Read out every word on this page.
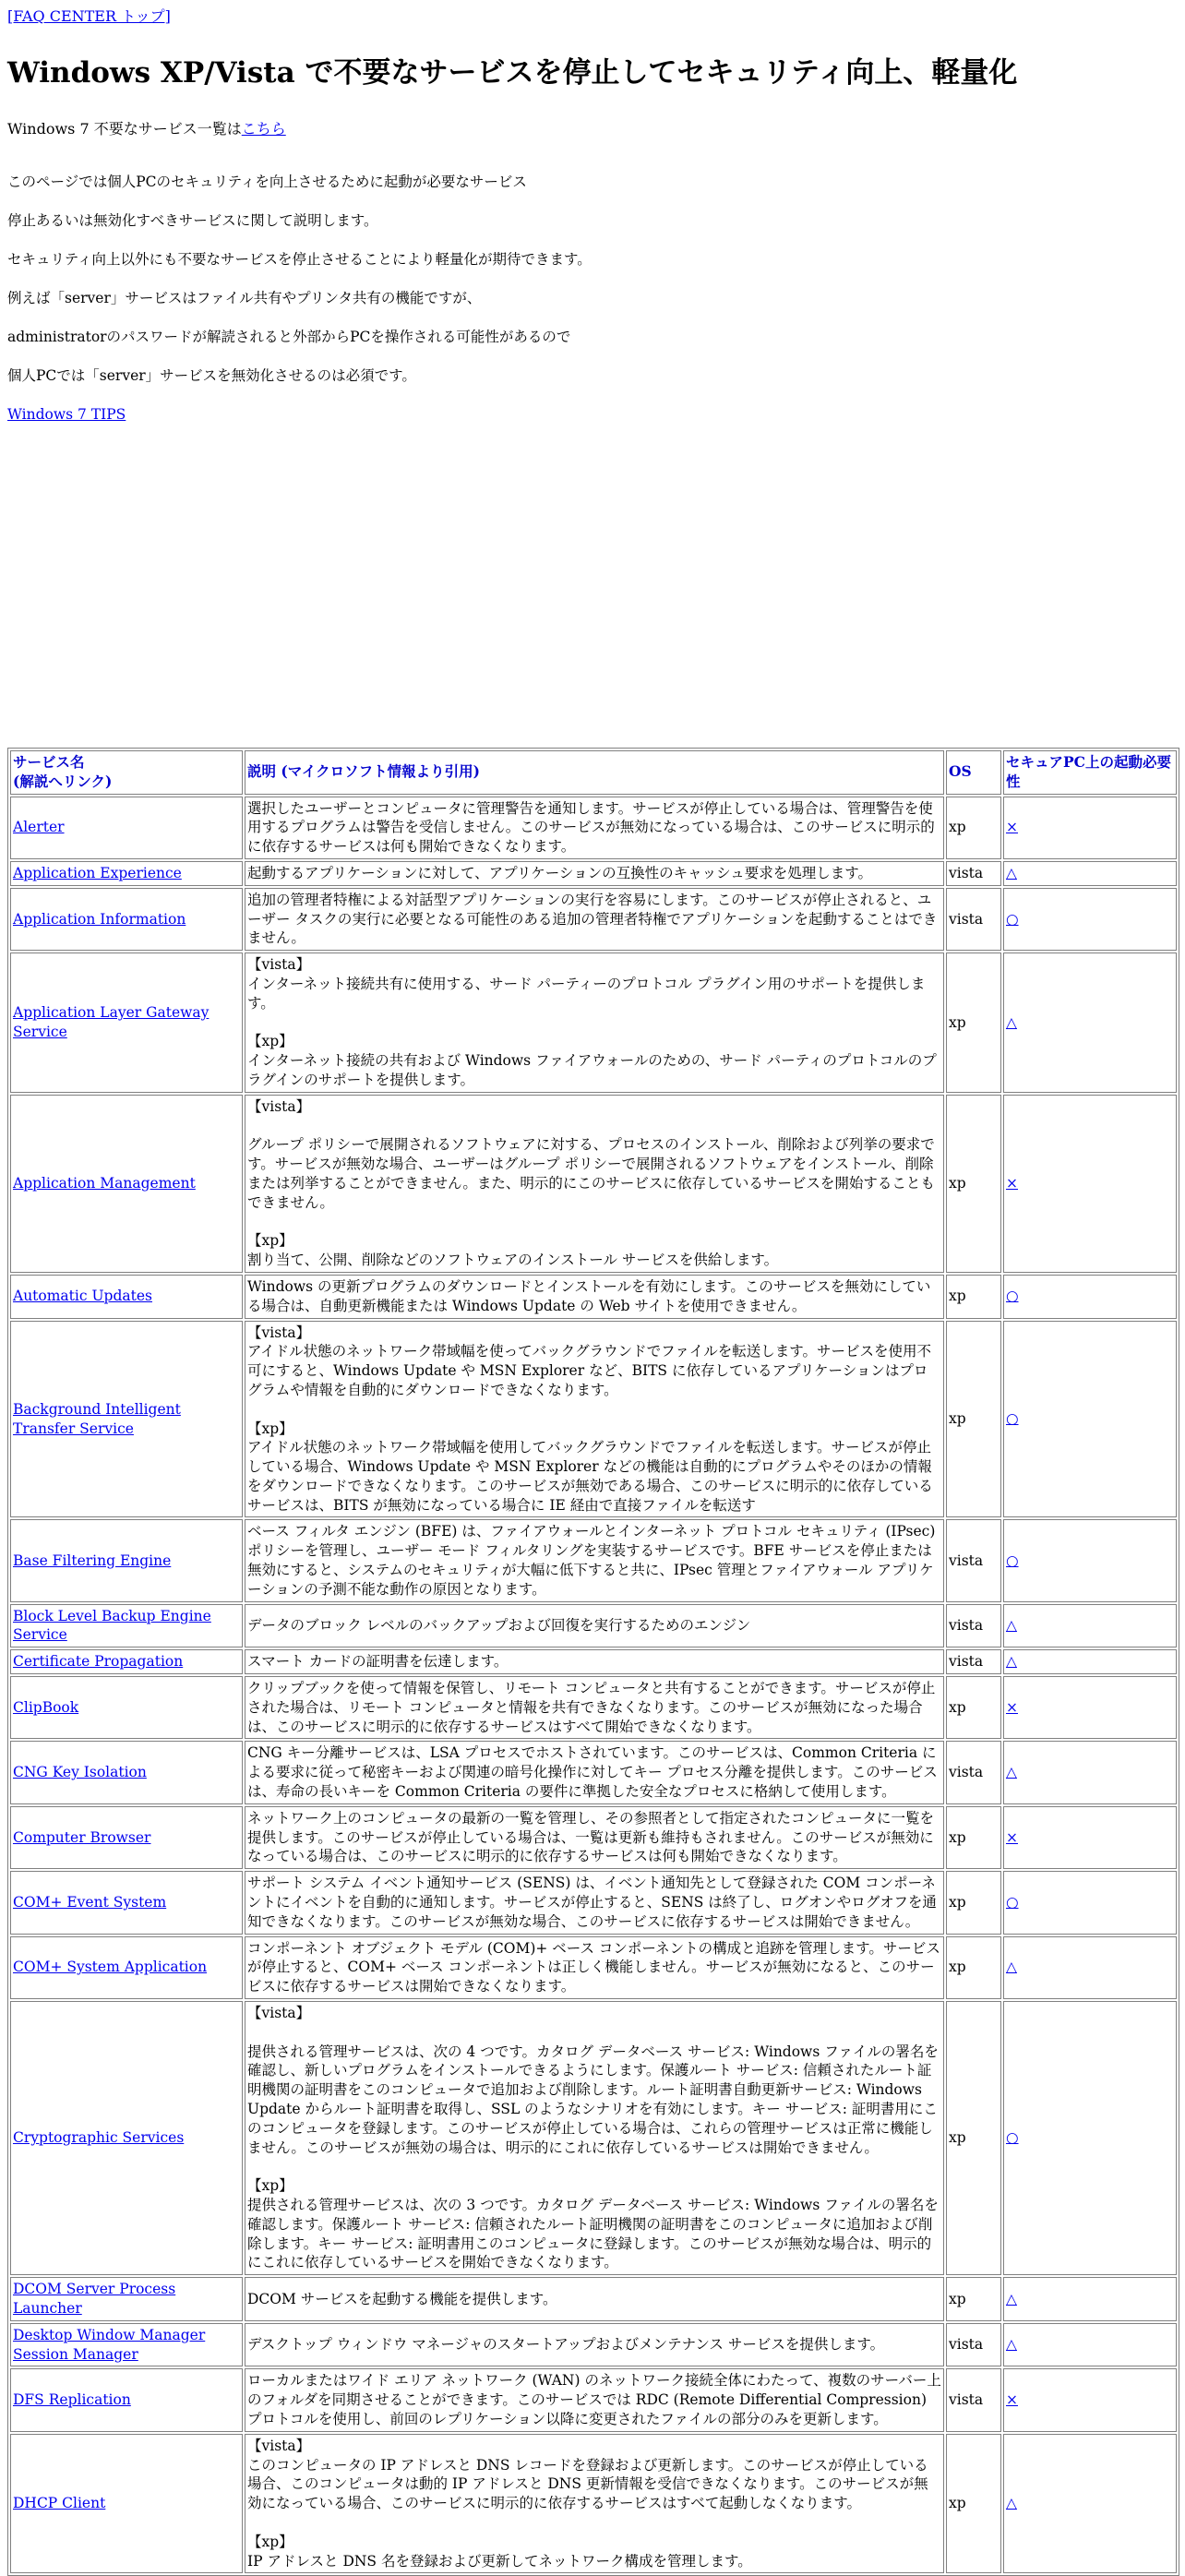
[FAQ CENTER トップ]
Windows XP/Vista で不要なサービスを停止してセキュリティ向上、軽量化
Windows 7 不要なサービス一覧はこちら

このページでは個人PCのセキュリティを向上させるために起動が必要なサービス

停止あるいは無効化すべきサービスに関して説明します。

セキュリティ向上以外にも不要なサービスを停止させることにより軽量化が期待できます。

例えば「server」サービスはファイル共有やプリンタ共有の機能ですが、

administratorのパスワードが解読されると外部からPCを操作される可能性があるので

個人PCでは「server」サービスを無効化させるのは必須です。

Windows 7 TIPS

サービス名
(解説へリンク)	説明 (マイクロソフト情報より引用)	OS	セキュアPC上の起動必要性
Alerter	選択したユーザーとコンピュータに管理警告を通知します。サービスが停止している場合は、管理警告を使用するプログラムは警告を受信しません。このサービスが無効になっている場合は、このサービスに明示的に依存するサービスは何も開始できなくなります。	xp	×
Application Experience	起動するアプリケーションに対して、アプリケーションの互換性のキャッシュ要求を処理します。	vista	△
Application Information	追加の管理者特権による対話型アプリケーションの実行を容易にします。このサービスが停止されると、ユーザー タスクの実行に必要となる可能性のある追加の管理者特権でアプリケーションを起動することはできません。	vista	○
Application Layer Gateway Service	【vista】
インターネット接続共有に使用する、サード パーティーのプロトコル プラグイン用のサポートを提供します。

【xp】
インターネット接続の共有および Windows ファイアウォールのための、サード パーティのプロトコルのプラグインのサポートを提供します。	xp	△
Application Management	【vista】

グループ ポリシーで展開されるソフトウェアに対する、プロセスのインストール、削除および列挙の要求です。サービスが無効な場合、ユーザーはグループ ポリシーで展開されるソフトウェアをインストール、削除または列挙することができません。また、明示的にこのサービスに依存しているサービスを開始することもできません。

【xp】
割り当て、公開、削除などのソフトウェアのインストール サービスを供給します。	xp	×
Automatic Updates	Windows の更新プログラムのダウンロードとインストールを有効にします。このサービスを無効にしている場合は、自動更新機能または Windows Update の Web サイトを使用できません。	xp	○
Background Intelligent Transfer Service	【vista】
アイドル状態のネットワーク帯域幅を使ってバックグラウンドでファイルを転送します。サービスを使用不可にすると、Windows Update や MSN Explorer など、BITS に依存しているアプリケーションはプログラムや情報を自動的にダウンロードできなくなります。

【xp】
アイドル状態のネットワーク帯域幅を使用してバックグラウンドでファイルを転送します。サービスが停止している場合、Windows Update や MSN Explorer などの機能は自動的にプログラムやそのほかの情報をダウンロードできなくなります。このサービスが無効である場合、このサービスに明示的に依存しているサービスは、BITS が無効になっている場合に IE 経由で直接ファイルを転送す	xp	○
Base Filtering Engine	ベース フィルタ エンジン (BFE) は、ファイアウォールとインターネット プロトコル セキュリティ (IPsec) ポリシーを管理し、ユーザー モード フィルタリングを実装するサービスです。BFE サービスを停止または無効にすると、システムのセキュリティが大幅に低下すると共に、IPsec 管理とファイアウォール アプリケーションの予測不能な動作の原因となります。	vista	○
Block Level Backup Engine Service	データのブロック レベルのバックアップおよび回復を実行するためのエンジン	vista	△
Certificate Propagation	スマート カードの証明書を伝達します。	vista	△
ClipBook	クリップブックを使って情報を保管し、リモート コンピュータと共有することができます。サービスが停止された場合は、リモート コンピュータと情報を共有できなくなります。このサービスが無効になった場合は、このサービスに明示的に依存するサービスはすべて開始できなくなります。	xp	×
CNG Key Isolation	CNG キー分離サービスは、LSA プロセスでホストされています。このサービスは、Common Criteria による要求に従って秘密キーおよび関連の暗号化操作に対してキー プロセス分離を提供します。このサービスは、寿命の長いキーを Common Criteria の要件に準拠した安全なプロセスに格納して使用します。	vista	△
Computer Browser	ネットワーク上のコンピュータの最新の一覧を管理し、その参照者として指定されたコンピュータに一覧を提供します。このサービスが停止している場合は、一覧は更新も維持もされません。このサービスが無効になっている場合は、このサービスに明示的に依存するサービスは何も開始できなくなります。	xp	×
COM+ Event System	サポート システム イベント通知サービス (SENS) は、イベント通知先として登録された COM コンポーネントにイベントを自動的に通知します。サービスが停止すると、SENS は終了し、ログオンやログオフを通知できなくなります。このサービスが無効な場合、このサービスに依存するサービスは開始できません。	xp	○
COM+ System Application	コンポーネント オブジェクト モデル (COM)+ ベース コンポーネントの構成と追跡を管理します。サービスが停止すると、COM+ ベース コンポーネントは正しく機能しません。サービスが無効になると、このサービスに依存するサービスは開始できなくなります。	xp	△
Cryptographic Services	【vista】

提供される管理サービスは、次の 4 つです。カタログ データベース サービス: Windows ファイルの署名を確認し、新しいプログラムをインストールできるようにします。保護ルート サービス: 信頼されたルート証明機関の証明書をこのコンピュータで追加および削除します。ルート証明書自動更新サービス: Windows Update からルート証明書を取得し、SSL のようなシナリオを有効にします。キー サービス: 証明書用にこのコンピュータを登録します。このサービスが停止している場合は、これらの管理サービスは正常に機能しません。このサービスが無効の場合は、明示的にこれに依存しているサービスは開始できません。

【xp】
提供される管理サービスは、次の 3 つです。カタログ データベース サービス: Windows ファイルの署名を確認します。保護ルート サービス: 信頼されたルート証明機関の証明書をこのコンピュータに追加および削除します。キー サービス: 証明書用このコンピュータに登録します。このサービスが無効な場合は、明示的にこれに依存しているサービスを開始できなくなります。	xp	○
DCOM Server Process Launcher	DCOM サービスを起動する機能を提供します。	xp	△
Desktop Window Manager Session Manager	デスクトップ ウィンドウ マネージャのスタートアップおよびメンテナンス サービスを提供します。	vista	△
DFS Replication	ローカルまたはワイド エリア ネットワーク (WAN) のネットワーク接続全体にわたって、複数のサーバー上のフォルダを同期させることができます。このサービスでは RDC (Remote Differential Compression) プロトコルを使用し、前回のレプリケーション以降に変更されたファイルの部分のみを更新します。	vista	×
DHCP Client	【vista】
このコンピュータの IP アドレスと DNS レコードを登録および更新します。このサービスが停止している場合、このコンピュータは動的 IP アドレスと DNS 更新情報を受信できなくなります。このサービスが無効になっている場合、このサービスに明示的に依存するサービスはすべて起動しなくなります。

【xp】
IP アドレスと DNS 名を登録および更新してネットワーク構成を管理します。	xp	△
